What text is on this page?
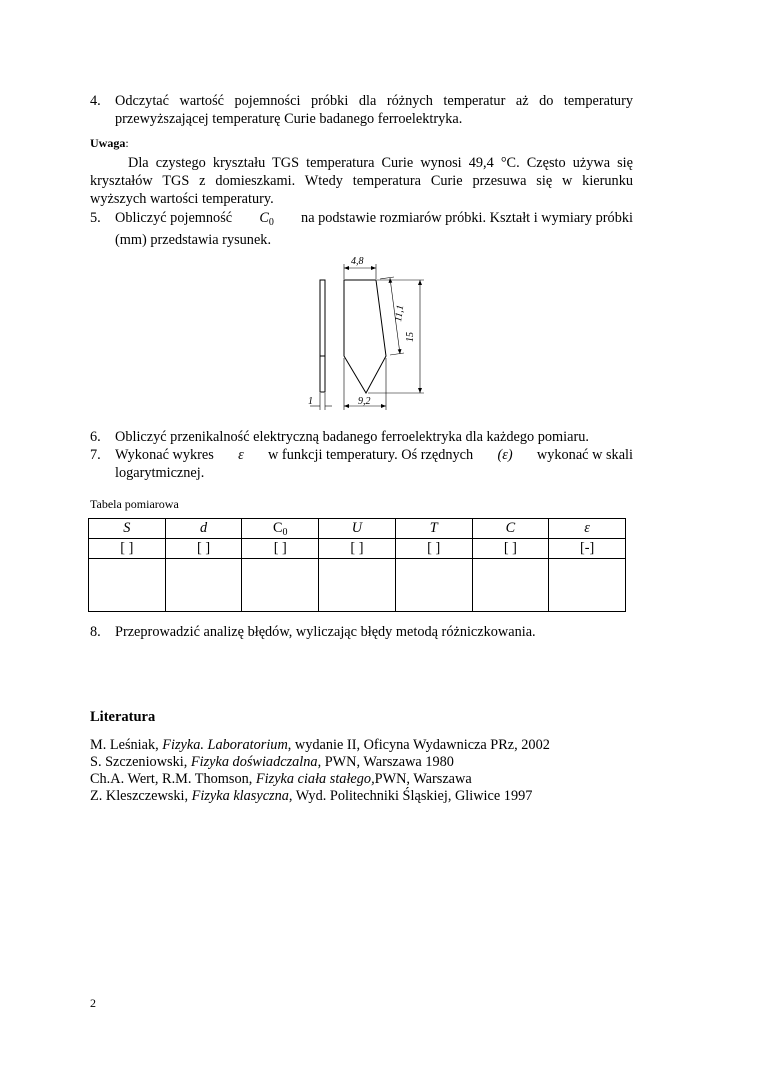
4. Odczytać wartość pojemności próbki dla różnych temperatur aż do temperatury
przewyższającej temperaturę Curie badanego ferroelektryka.
Uwaga:
Dla czystego kryształu TGS temperatura Curie wynosi 49,4 °C. Często używa się
kryształów TGS z domieszkami. Wtedy temperatura Curie przesuwa się w kierunku
wyższych wartości temperatury.
5. Obliczyć pojemność $C_0$ na podstawie rozmiarów próbki. Kształt i wymiary próbki
(mm) przedstawia rysunek.
4,8
11,1
15
1	9,2
6. Obliczyć przenikalność elektryczną badanego ferroelektryka dla każdego pomiaru.
7. Wykonać wykres ε w funkcji temperatury. Oś rzędnych (ε) wykonać w skali
logarytmicznej.
Tabela pomiarowa
S	d	$C_0$	U	T	C	ε
[ ]	[ ]	[ ]	[ ]	[ ]	[ ]	[-]

8. Przeprowadzić analizę błędów, wyliczając błędy metodą różniczkowania.
Literatura
M. Leśniak, Fizyka. Laboratorium, wydanie II, Oficyna Wydawnicza PRz, 2002
S. Szczeniowski, Fizyka doświadczalna, PWN, Warszawa 1980
Ch.A. Wert, R.M. Thomson, Fizyka ciała stałego,PWN, Warszawa
Z. Kleszczewski, Fizyka klasyczna, Wyd. Politechniki Śląskiej, Gliwice 1997
2
